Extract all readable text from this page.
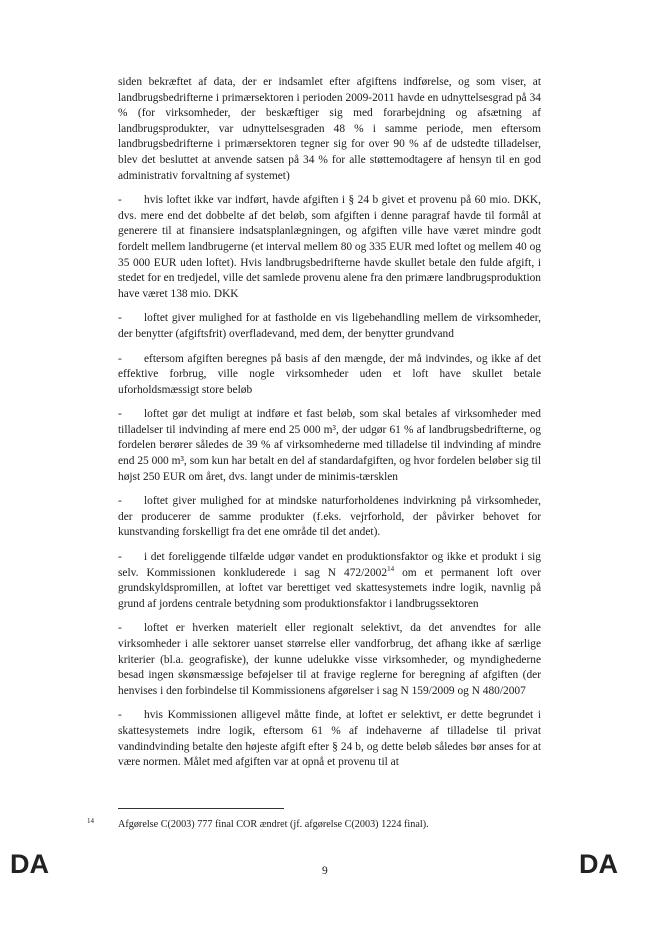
siden bekræftet af data, der er indsamlet efter afgiftens indførelse, og som viser, at landbrugsbedrifterne i primærsektoren i perioden 2009-2011 havde en udnyttelsesgrad på 34 % (for virksomheder, der beskæftiger sig med forarbejdning og afsætning af landbrugsprodukter, var udnyttelsesgraden 48 % i samme periode, men eftersom landbrugsbedrifterne i primærsektoren tegner sig for over 90 % af de udstedte tilladelser, blev det besluttet at anvende satsen på 34 % for alle støttemodtagere af hensyn til en god administrativ forvaltning af systemet)

- hvis loftet ikke var indført, havde afgiften i § 24 b givet et provenu på 60 mio. DKK, dvs. mere end det dobbelte af det beløb, som afgiften i denne paragraf havde til formål at generere til at finansiere indsatsplanlægningen, og afgiften ville have været mindre godt fordelt mellem landbrugerne (et interval mellem 80 og 335 EUR med loftet og mellem 40 og 35 000 EUR uden loftet). Hvis landbrugsbedrifterne havde skullet betale den fulde afgift, i stedet for en tredjedel, ville det samlede provenu alene fra den primære landbrugsproduktion have været 138 mio. DKK

- loftet giver mulighed for at fastholde en vis ligebehandling mellem de virksomheder, der benytter (afgiftsfrit) overfladevand, med dem, der benytter grundvand

- eftersom afgiften beregnes på basis af den mængde, der må indvindes, og ikke af det effektive forbrug, ville nogle virksomheder uden et loft have skullet betale uforholdsmæssigt store beløb

- loftet gør det muligt at indføre et fast beløb, som skal betales af virksomheder med tilladelser til indvinding af mere end 25 000 m³, der udgør 61 % af landbrugsbedrifterne, og fordelen berører således de 39 % af virksomhederne med tilladelse til indvinding af mindre end 25 000 m³, som kun har betalt en del af standardafgiften, og hvor fordelen beløber sig til højst 250 EUR om året, dvs. langt under de minimis-tærsklen

- loftet giver mulighed for at mindske naturforholdenes indvirkning på virksomheder, der producerer de samme produkter (f.eks. vejrforhold, der påvirker behovet for kunstvanding forskelligt fra det ene område til det andet).

- i det foreliggende tilfælde udgør vandet en produktionsfaktor og ikke et produkt i sig selv. Kommissionen konkluderede i sag N 472/2002$^{14}$ om et permanent loft over grundskyldspromillen, at loftet var berettiget ved skattesystemets indre logik, navnlig på grund af jordens centrale betydning som produktionsfaktor i landbrugssektoren

- loftet er hverken materielt eller regionalt selektivt, da det anvendtes for alle virksomheder i alle sektorer uanset størrelse eller vandforbrug, det afhang ikke af særlige kriterier (bl.a. geografiske), der kunne udelukke visse virksomheder, og myndighederne besad ingen skønsmæssige beføjelser til at fravige reglerne for beregning af afgiften (der henvises i den forbindelse til Kommissionens afgørelser i sag N 159/2009 og N 480/2007

- hvis Kommissionen alligevel måtte finde, at loftet er selektivt, er dette begrundet i skattesystemets indre logik, eftersom 61 % af indehaverne af tilladelse til privat vandindvinding betalte den højeste afgift efter § 24 b, og dette beløb således bør anses for at være normen. Målet med afgiften var at opnå et provenu til at

14 Afgørelse C(2003) 777 final COR ændret (jf. afgørelse C(2003) 1224 final).
DA	9	DA
